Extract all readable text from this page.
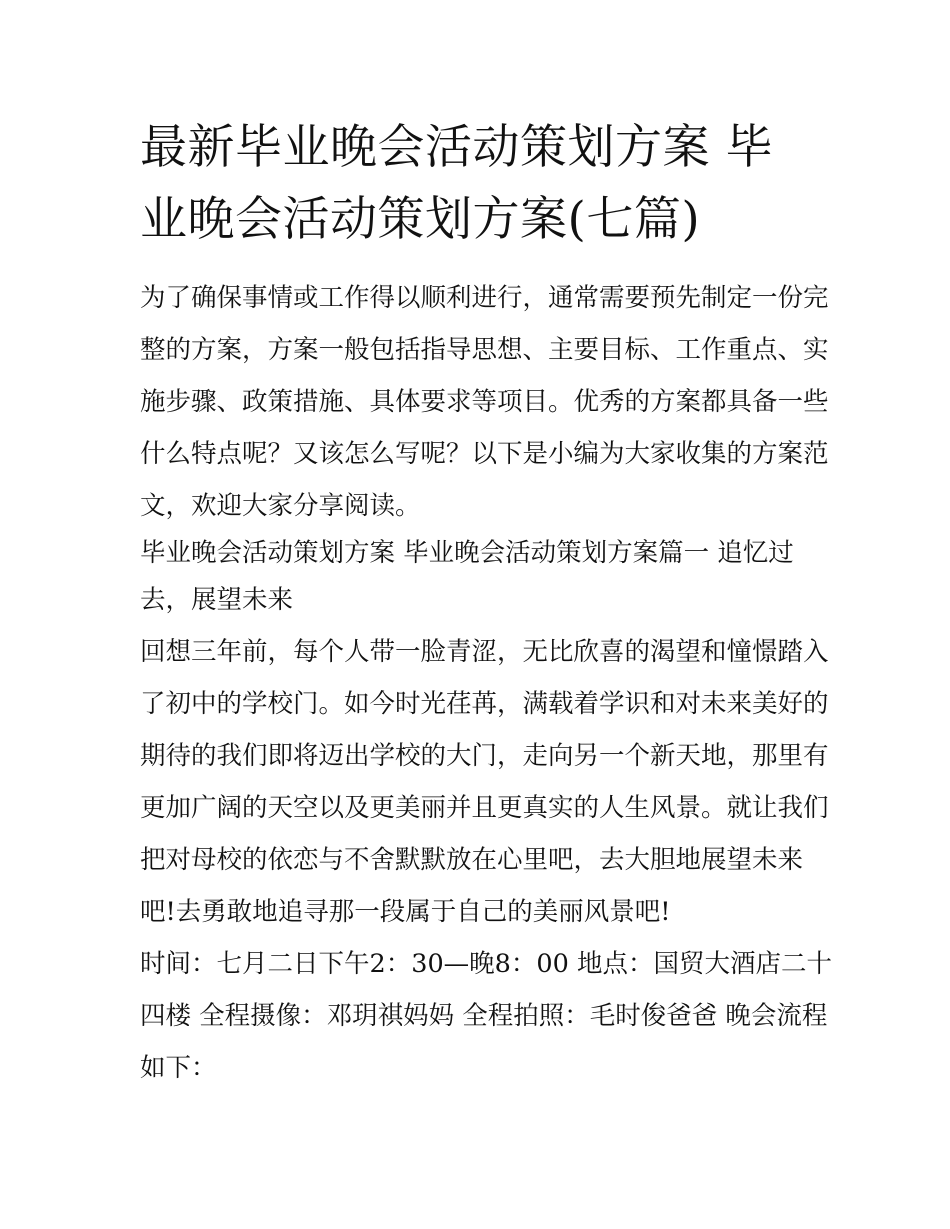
最新毕业晚会活动策划方案 毕
业晚会活动策划方案(七篇)
为了确保事情或工作得以顺利进行，通常需要预先制定一份完
整的方案，方案一般包括指导思想、主要目标、工作重点、实
施步骤、政策措施、具体要求等项目。优秀的方案都具备一些
什么特点呢？又该怎么写呢？以下是小编为大家收集的方案范
文，欢迎大家分享阅读。
毕业晚会活动策划方案 毕业晚会活动策划方案篇一 追忆过
去，展望未来
回想三年前，每个人带一脸青涩，无比欣喜的渴望和憧憬踏入
了初中的学校门。如今时光荏苒，满载着学识和对未来美好的
期待的我们即将迈出学校的大门，走向另一个新天地，那里有
更加广阔的天空以及更美丽并且更真实的人生风景。就让我们
把对母校的依恋与不舍默默放在心里吧，去大胆地展望未来
吧!去勇敢地追寻那一段属于自己的美丽风景吧!
时间：七月二日下午2：30—晚8：00 地点：国贸大酒店二十
四楼 全程摄像：邓玥祺妈妈 全程拍照：毛时俊爸爸 晚会流程
如下：
